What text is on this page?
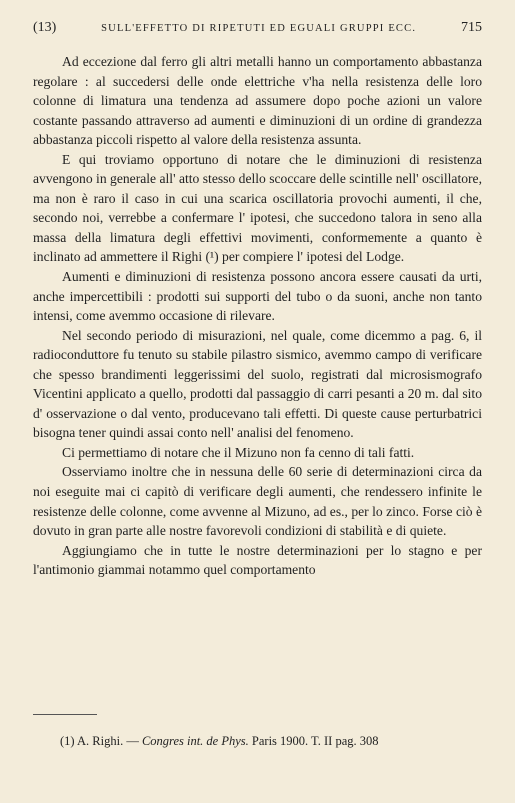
(13)	SULL'EFFETTO DI RIPETUTI ED EGUALI GRUPPI ECC.	715

Ad eccezione dal ferro gli altri metalli hanno un comportamento abbastanza regolare : al succedersi delle onde elettriche v'ha nella resistenza delle loro colonne di limatura una tendenza ad assumere dopo poche azioni un valore costante passando attraverso ad aumenti e diminuzioni di un ordine di grandezza abbastanza piccoli rispetto al valore della resistenza assunta.

E qui troviamo opportuno di notare che le diminuzioni di resistenza avvengono in generale all' atto stesso dello scoccare delle scintille nell' oscillatore, ma non è raro il caso in cui una scarica oscillatoria provochi aumenti, il che, secondo noi, verrebbe a confermare l' ipotesi, che succedono talora in seno alla massa della limatura degli effettivi movimenti, conformemente a quanto è inclinato ad ammettere il Righi (¹) per compiere l' ipotesi del Lodge.

Aumenti e diminuzioni di resistenza possono ancora essere causati da urti, anche impercettibili : prodotti sui supporti del tubo o da suoni, anche non tanto intensi, come avemmo occasione di rilevare.

Nel secondo periodo di misurazioni, nel quale, come dicemmo a pag. 6, il radioconduttore fu tenuto su stabile pilastro sismico, avemmo campo di verificare che spesso brandimenti leggerissimi del suolo, registrati dal microsismografo Vicentini applicato a quello, prodotti dal passaggio di carri pesanti a 20 m. dal sito d' osservazione o dal vento, producevano tali effetti. Di queste cause perturbatrici bisogna tener quindi assai conto nell' analisi del fenomeno.

Ci permettiamo di notare che il Mizuno non fa cenno di tali fatti.

Osserviamo inoltre che in nessuna delle 60 serie di determinazioni circa da noi eseguite mai ci capitò di verificare degli aumenti, che rendessero infinite le resistenze delle colonne, come avvenne al Mizuno, ad es., per lo zinco. Forse ciò è dovuto in gran parte alle nostre favorevoli condizioni di stabilità e di quiete.

Aggiungiamo che in tutte le nostre determinazioni per lo stagno e per l'antimonio giammai notammo quel comportamento

(1) A. Righi. — Congres int. de Phys. Paris 1900. T. II pag. 308
